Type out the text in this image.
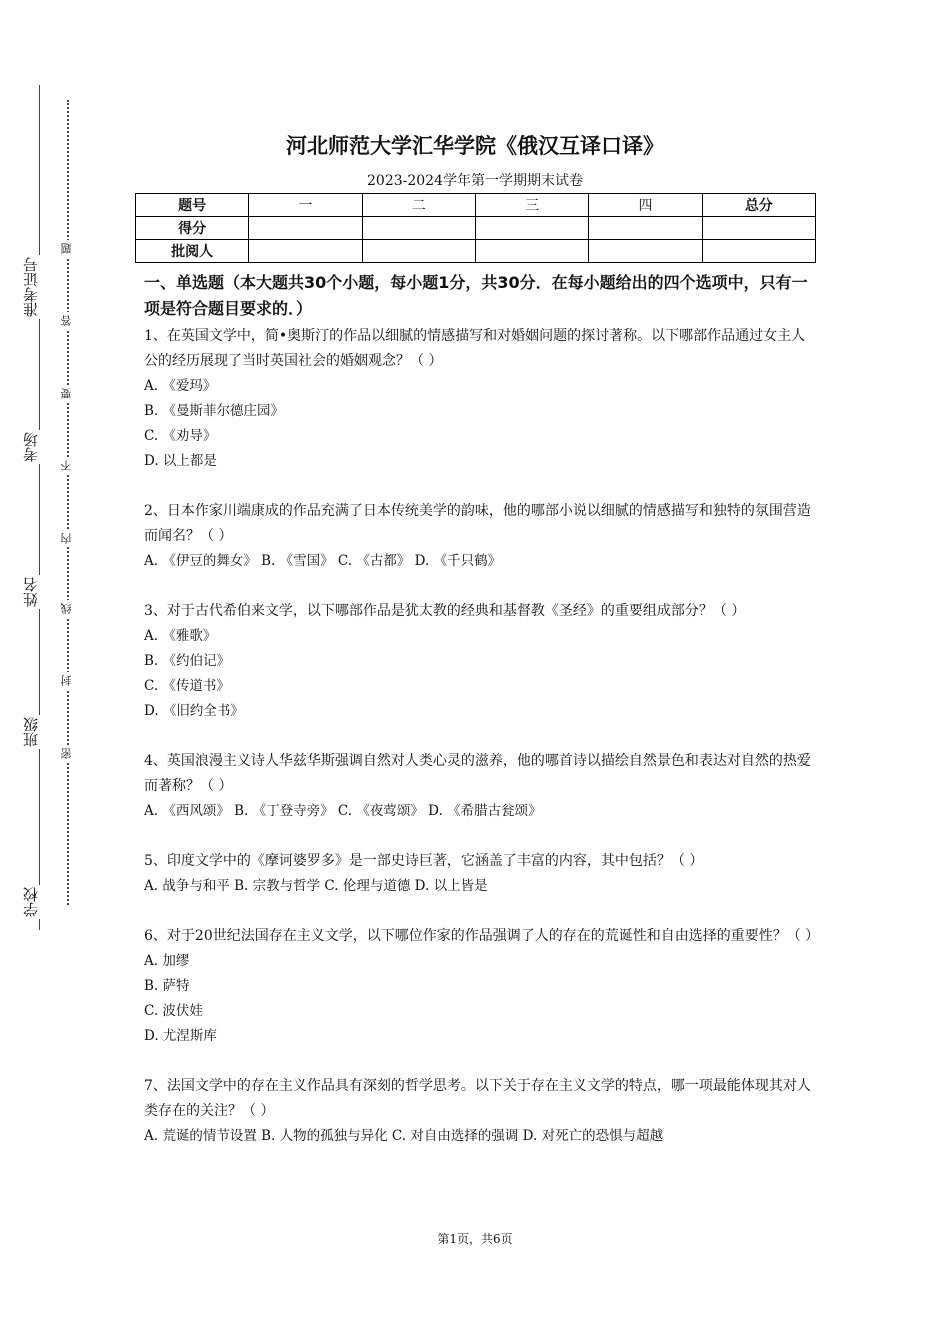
准考证号
考场
姓名
班级
学校
题
答
要
不
内
线
封
密
河北师范大学汇华学院《俄汉互译口译》
2023-2024学年第一学期期末试卷
题号	一	二	三	四	总分
得分					
批阅人					
一、单选题（本大题共30个小题，每小题1分，共30分．在每小题给出的四个选项中，只有一项是符合题目要求的．）
1、在英国文学中，简•奥斯汀的作品以细腻的情感描写和对婚姻问题的探讨著称。以下哪部作品通过女主人公的经历展现了当时英国社会的婚姻观念？（ ）
A. 《爱玛》
B. 《曼斯菲尔德庄园》
C. 《劝导》
D. 以上都是
2、日本作家川端康成的作品充满了日本传统美学的韵味，他的哪部小说以细腻的情感描写和独特的氛围营造而闻名？（ ）
A. 《伊豆的舞女》 B. 《雪国》 C. 《古都》 D. 《千只鹤》
3、对于古代希伯来文学，以下哪部作品是犹太教的经典和基督教《圣经》的重要组成部分？（ ）
A. 《雅歌》
B. 《约伯记》
C. 《传道书》
D. 《旧约全书》
4、英国浪漫主义诗人华兹华斯强调自然对人类心灵的滋养，他的哪首诗以描绘自然景色和表达对自然的热爱而著称？（ ）
A. 《西风颂》 B. 《丁登寺旁》 C. 《夜莺颂》 D. 《希腊古瓮颂》
5、印度文学中的《摩诃婆罗多》是一部史诗巨著，它涵盖了丰富的内容，其中包括？（ ）
A. 战争与和平 B. 宗教与哲学 C. 伦理与道德 D. 以上皆是
6、对于20世纪法国存在主义文学，以下哪位作家的作品强调了人的存在的荒诞性和自由选择的重要性？（ ）
A. 加缪
B. 萨特
C. 波伏娃
D. 尤涅斯库
7、法国文学中的存在主义作品具有深刻的哲学思考。以下关于存在主义文学的特点，哪一项最能体现其对人类存在的关注？（ ）
A. 荒诞的情节设置 B. 人物的孤独与异化 C. 对自由选择的强调 D. 对死亡的恐惧与超越
第1页，共6页
